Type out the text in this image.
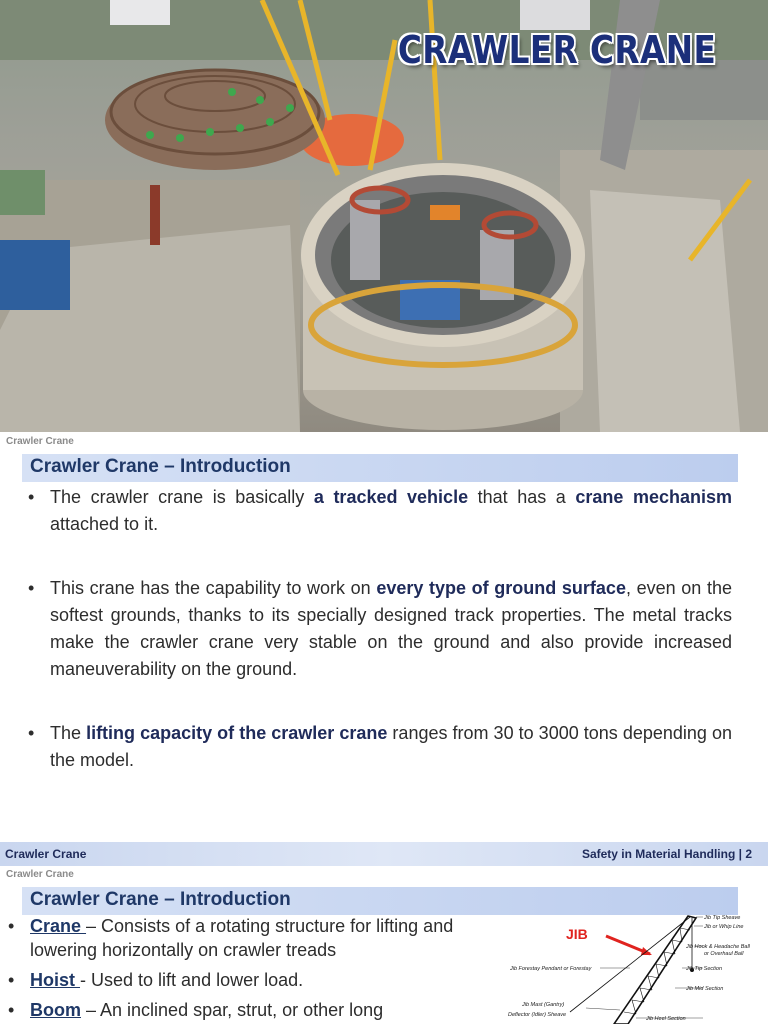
CRAWLER CRANE
Crawler Crane
Crawler Crane – Introduction
• The crawler crane is basically a tracked vehicle that has a crane mechanism attached to it.
• This crane has the capability to work on every type of ground surface, even on the softest grounds, thanks to its specially designed track properties. The metal tracks make the crawler crane very stable on the ground and also provide increased maneuverability on the ground.
• The lifting capacity of the crawler crane ranges from 30 to 3000 tons depending on the model.
Crawler Crane	Safety in Material Handling | 2
Crawler Crane
Crawler Crane – Introduction
• Crane – Consists of a rotating structure for lifting and lowering horizontally on crawler treads
• Hoist - Used to lift and lower load.
• Boom – An inclined spar, strut, or other long
JIB
Jib Tip Sheave
Jib or Whip Line
Jib Hook & Headache Ball
or Overhaul Ball
Jib Tip Section
Jib Mid Section
Jib Forestay Pendant or Forestay
Jib Mast (Gantry)
Deflector (Idler) Sheave
Jib Heel Section
